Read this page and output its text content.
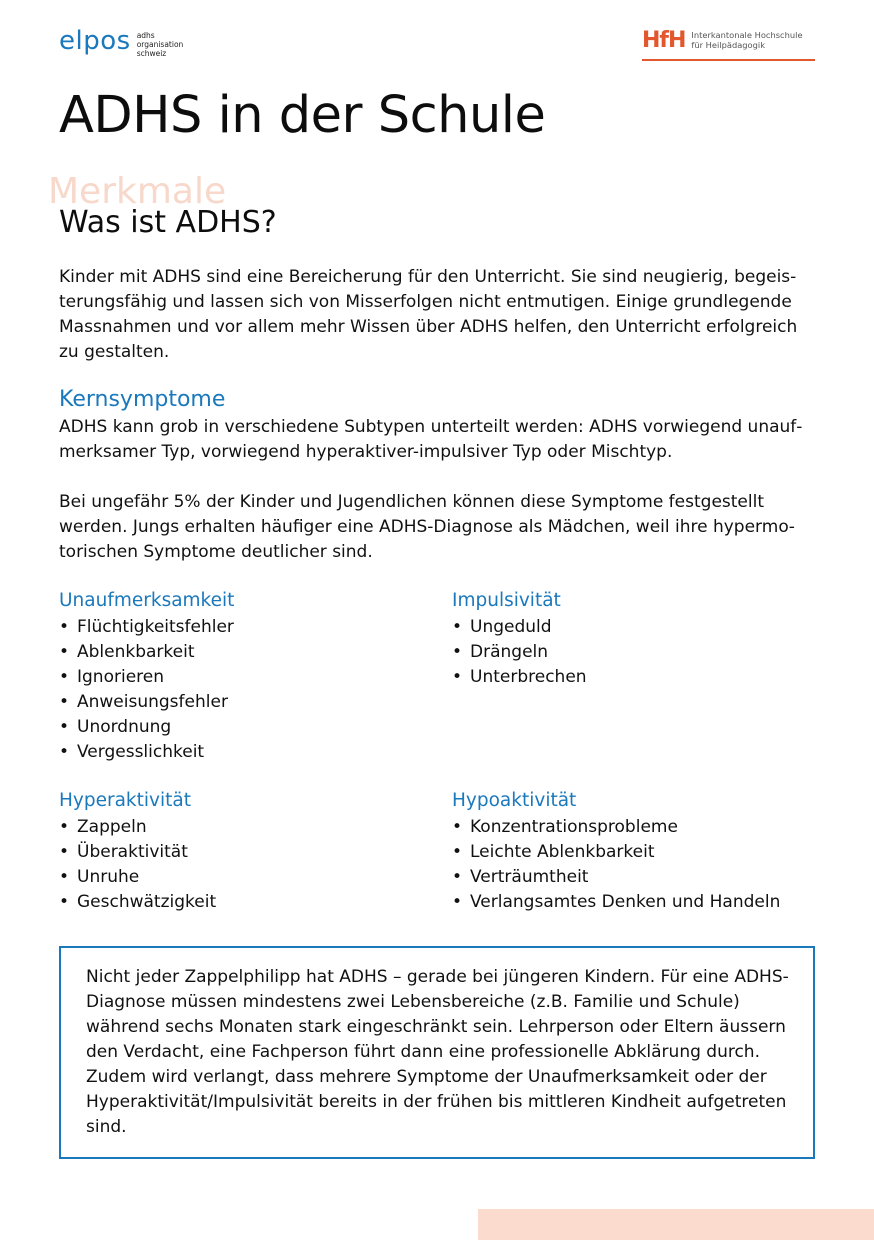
elpos adhs
organisation
schweiz
HfH Interkantonale Hochschule
für Heilpädagogik
ADHS in der Schule
Merkmale
Was ist ADHS?

Kinder mit ADHS sind eine Bereicherung für den Unterricht. Sie sind neugierig, begeisterungsfähig und lassen sich von Misserfolgen nicht entmutigen. Einige grundlegende Massnahmen und vor allem mehr Wissen über ADHS helfen, den Unterricht erfolgreich zu gestalten.

Kernsymptome

ADHS kann grob in verschiedene Subtypen unterteilt werden: ADHS vorwiegend unaufmerksamer Typ, vorwiegend hyperaktiver-impulsiver Typ oder Mischtyp.

Bei ungefähr 5% der Kinder und Jugendlichen können diese Symptome festgestellt werden. Jungs erhalten häufiger eine ADHS-Diagnose als Mädchen, weil ihre hypermotorischen Symptome deutlicher sind.

Unaufmerksamkeit
• Flüchtigkeitsfehler
• Ablenkbarkeit
• Ignorieren
• Anweisungsfehler
• Unordnung
• Vergesslichkeit
Impulsivität
• Ungeduld
• Drängeln
• Unterbrechen
Hyperaktivität
• Zappeln
• Überaktivität
• Unruhe
• Geschwätzigkeit
Hypoaktivität
• Konzentrationsprobleme
• Leichte Ablenkbarkeit
• Verträumtheit
• Verlangsamtes Denken und Handeln

Nicht jeder Zappelphilipp hat ADHS – gerade bei jüngeren Kindern. Für eine ADHS-Diagnose müssen mindestens zwei Lebensbereiche (z.B. Familie und Schule) während sechs Monaten stark eingeschränkt sein. Lehrperson oder Eltern äussern den Verdacht, eine Fachperson führt dann eine professionelle Abklärung durch. Zudem wird verlangt, dass mehrere Symptome der Unaufmerksamkeit oder der Hyperaktivität/Impulsivität bereits in der frühen bis mittleren Kindheit aufgetreten sind.
